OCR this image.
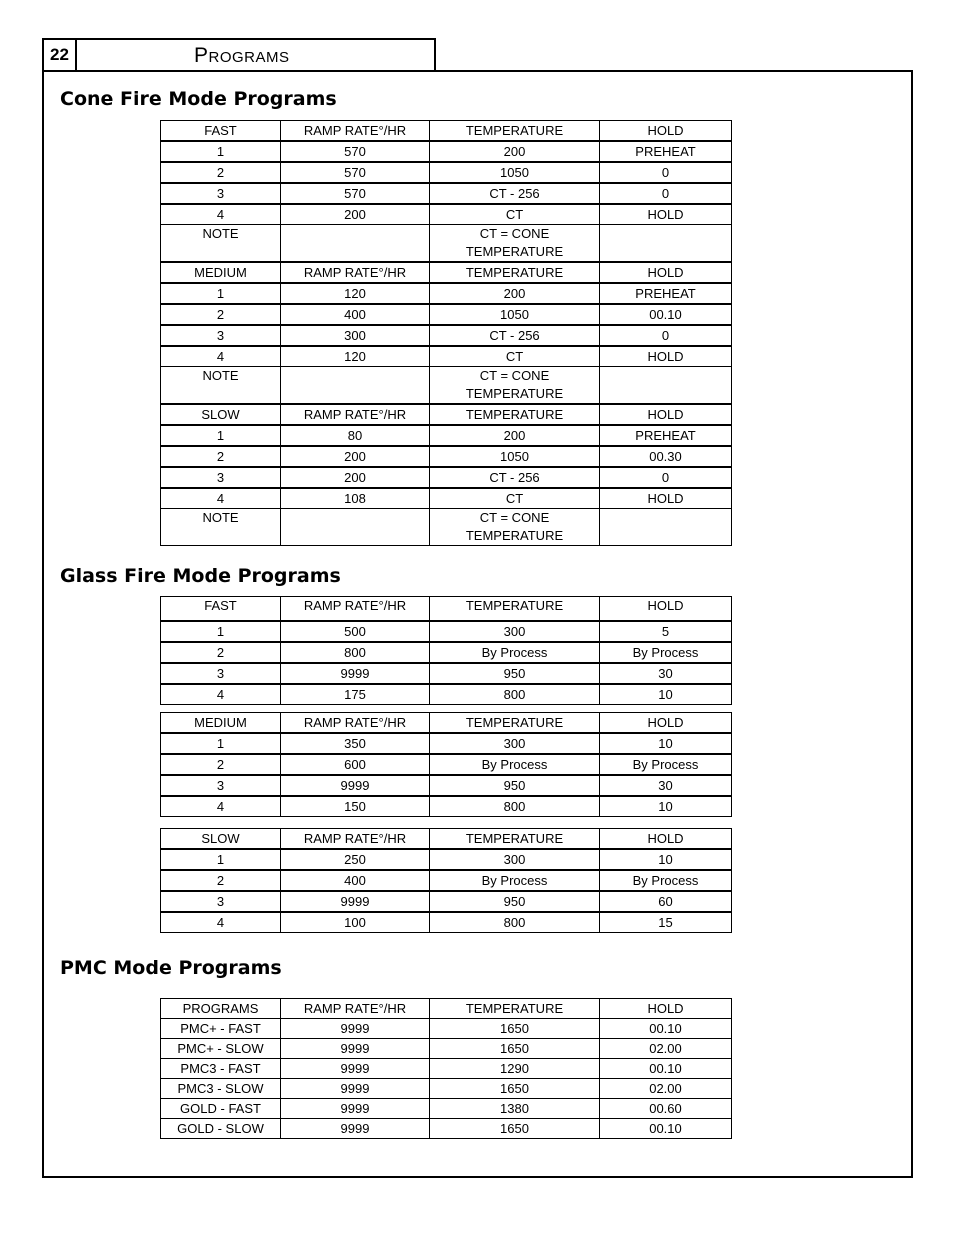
22	Programs
Cone Fire Mode Programs
FAST	RAMP RATE°/HR	TEMPERATURE	HOLD
1	570	200	PREHEAT
2	570	1050	0
3	570	CT - 256	0
4	200	CT	HOLD
NOTE		CT = CONE TEMPERATURE	
MEDIUM	RAMP RATE°/HR	TEMPERATURE	HOLD
1	120	200	PREHEAT
2	400	1050	00.10
3	300	CT - 256	0
4	120	CT	HOLD
NOTE		CT = CONE TEMPERATURE	
SLOW	RAMP RATE°/HR	TEMPERATURE	HOLD
1	80	200	PREHEAT
2	200	1050	00.30
3	200	CT - 256	0
4	108	CT	HOLD
NOTE		CT = CONE TEMPERATURE	
Glass Fire Mode Programs
FAST	RAMP RATE°/HR	TEMPERATURE	HOLD
1	500	300	5
2	800	By Process	By Process
3	9999	950	30
4	175	800	10
MEDIUM	RAMP RATE°/HR	TEMPERATURE	HOLD
1	350	300	10
2	600	By Process	By Process
3	9999	950	30
4	150	800	10
SLOW	RAMP RATE°/HR	TEMPERATURE	HOLD
1	250	300	10
2	400	By Process	By Process
3	9999	950	60
4	100	800	15
PMC Mode Programs
PROGRAMS	RAMP RATE°/HR	TEMPERATURE	HOLD
PMC+ - FAST	9999	1650	00.10
PMC+ - SLOW	9999	1650	02.00
PMC3 - FAST	9999	1290	00.10
PMC3 - SLOW	9999	1650	02.00
GOLD - FAST	9999	1380	00.60
GOLD - SLOW	9999	1650	00.10
